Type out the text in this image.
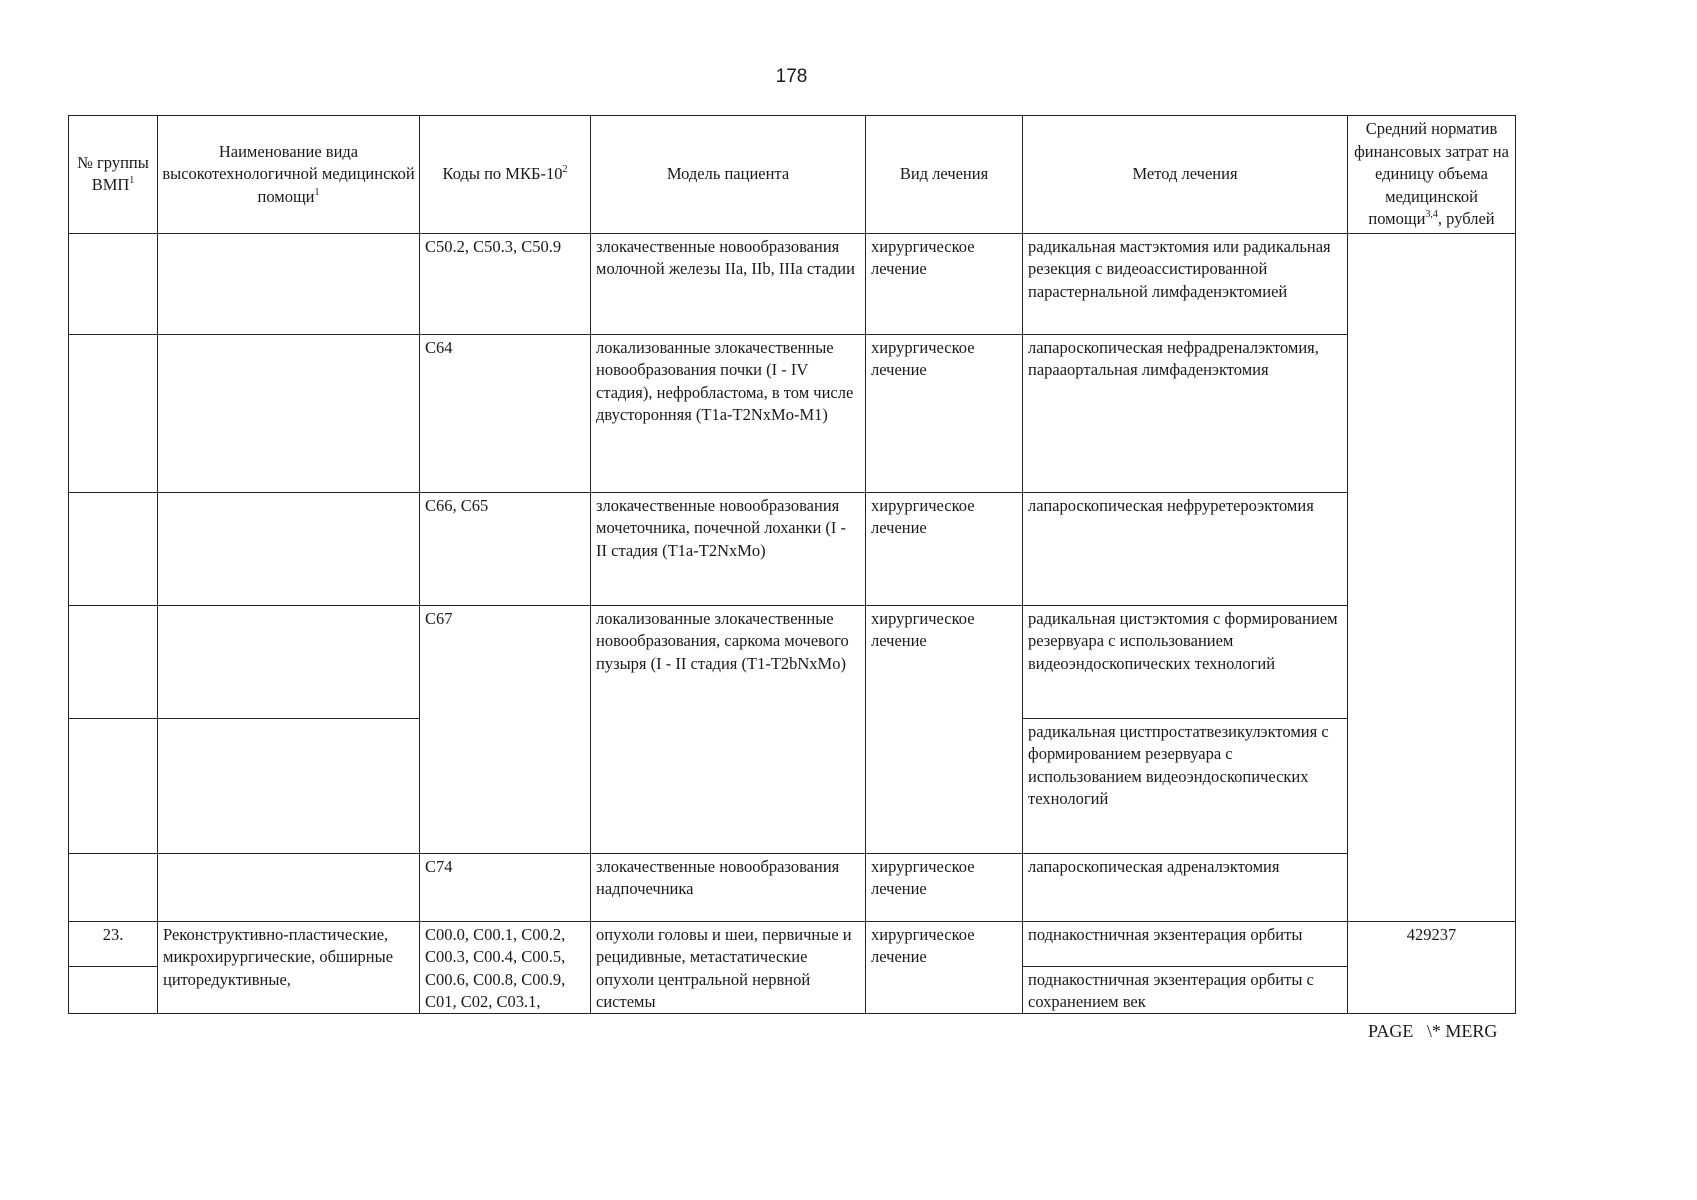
178
№ группы ВМП$^1$	Наименование вида высокотехнологичной медицинской помощи$^1$	Коды по МКБ-$10^2$	Модель пациента	Вид лечения	Метод лечения	Средний норматив финансовых затрат на единицу объема медицинской помощи$^{3,4}$, рублей
		C50.2, C50.3, C50.9	злокачественные новообразования молочной железы IIa, IIb, IIIa стадии	хирургическое лечение	радикальная мастэктомия или радикальная резекция с видеоассистированной парастернальной лимфаденэктомией	
		C64	локализованные злокачественные новообразования почки (I - IV стадия), нефробластома, в том числе двусторонняя (T1a-T2NxMo-M1)	хирургическое лечение	лапароскопическая нефрадреналэктомия, парааортальная лимфаденэктомия	
		C66, C65	злокачественные новообразования мочеточника, почечной лоханки (I - II стадия (T1a-T2NxMo)	хирургическое лечение	лапароскопическая нефруретероэктомия	
		C67	локализованные злокачественные новообразования, саркома мочевого пузыря (I - II стадия (T1-T2bNxMo)	хирургическое лечение	радикальная цистэктомия с формированием резервуара с использованием видеоэндоскопических технологий	
					радикальная цистпростатвезикулэктомия с формированием резервуара с использованием видеоэндоскопических технологий	
		C74	злокачественные новообразования надпочечника	хирургическое лечение	лапароскопическая адреналэктомия	

23.	Реконструктивно-пластические, микрохирургические, обширные циторедуктивные,	C00.0, C00.1, C00.2, C00.3, C00.4, C00.5, C00.6, C00.8, C00.9, C01, C02, C03.1,	опухоли головы и шеи, первичные и рецидивные, метастатические опухоли центральной нервной системы	хирургическое лечение	поднакостничная экзентерация орбиты	429237

					поднакостничная экзентерация орбиты с сохранением век	
PAGE   \* MERG
